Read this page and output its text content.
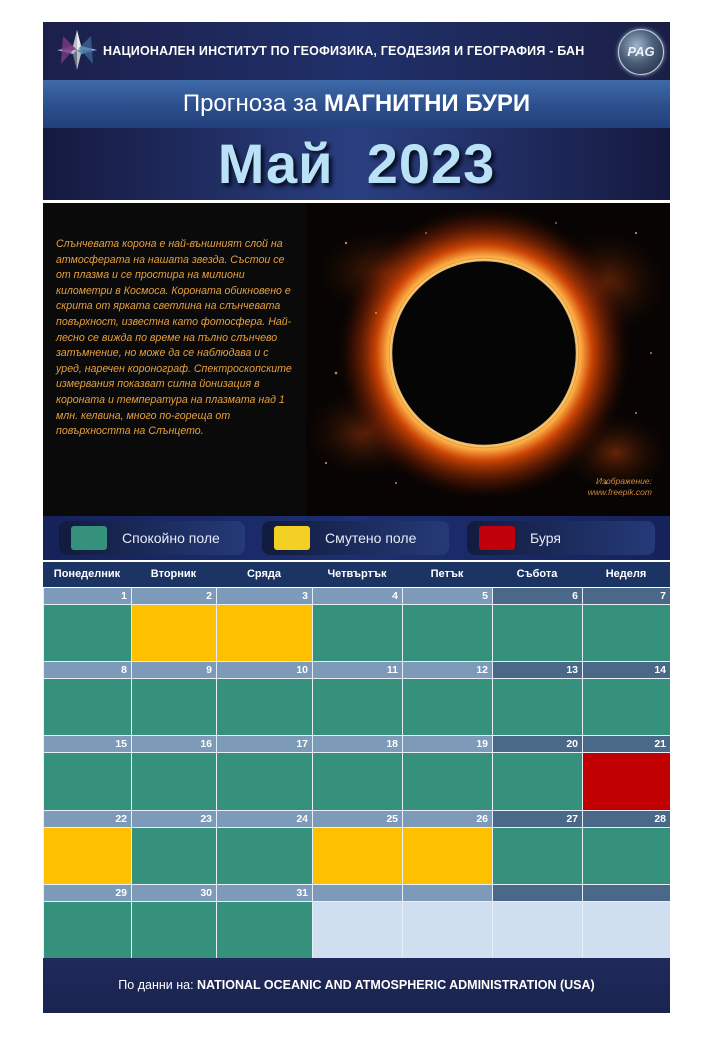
НАЦИОНАЛЕН ИНСТИТУТ ПО ГЕОФИЗИКА, ГЕОДЕЗИЯ И ГЕОГРАФИЯ - БАН	PAG
Прогноза за МАГНИТНИ БУРИ
Май  2023
Слънчевата корона е най-външният слой на атмосферата на нашата звезда. Състои се от плазма и се простира на милиони километри в Космоса. Короната обикновено е скрита от ярката светлина на слънчевата повърхност, известна като фотосфера. Най-лесно се вижда по време на пълно слънчево затъмнение, но може да се наблюдава и с уред, наречен коронограф. Спектроскопските измервания показват силна йонизация в короната и температура на плазмата над 1 млн. келвина, много по-гореща от повърхността на Слънцето.
Изображение:
www.freepik.com
Спокойно поле	Смутено поле	Буря
Понеделник	Вторник	Сряда	Четвъртък	Петък	Събота	Неделя
1	2	3	4	5	6	7
8	9	10	11	12	13	14
15	16	17	18	19	20	21
22	23	24	25	26	27	28
29	30	31
По данни на: NATIONAL OCEANIC AND ATMOSPHERIC ADMINISTRATION (USA)
